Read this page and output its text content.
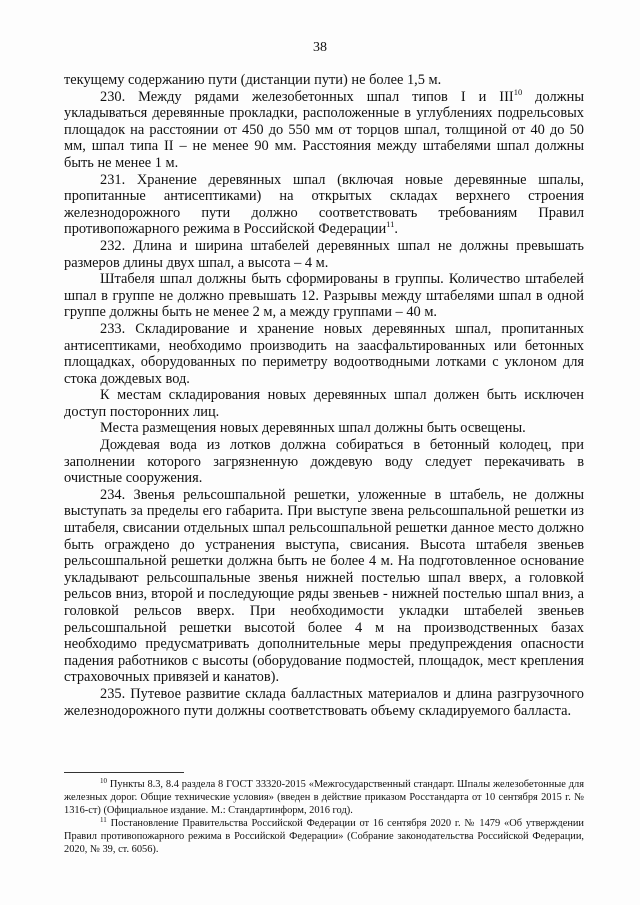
38

текущему содержанию пути (дистанции пути) не более 1,5 м.

230. Между рядами железобетонных шпал типов I и III$^{10}$ должны укладываться деревянные прокладки, расположенные в углублениях подрельсовых площадок на расстоянии от 450 до 550 мм от торцов шпал, толщиной от 40 до 50 мм, шпал типа II – не менее 90 мм. Расстояния между штабелями шпал должны быть не менее 1 м.

231. Хранение деревянных шпал (включая новые деревянные шпалы, пропитанные антисептиками) на открытых складах верхнего строения железнодорожного пути должно соответствовать требованиям Правил противопожарного режима в Российской Федерации$^{11}$.

232. Длина и ширина штабелей деревянных шпал не должны превышать размеров длины двух шпал, а высота – 4 м.

Штабеля шпал должны быть сформированы в группы. Количество штабелей шпал в группе не должно превышать 12. Разрывы между штабелями шпал в одной группе должны быть не менее 2 м, а между группами – 40 м.

233. Складирование и хранение новых деревянных шпал, пропитанных антисептиками, необходимо производить на заасфальтированных или бетонных площадках, оборудованных по периметру водоотводными лотками с уклоном для стока дождевых вод.

К местам складирования новых деревянных шпал должен быть исключен доступ посторонних лиц.

Места размещения новых деревянных шпал должны быть освещены.

Дождевая вода из лотков должна собираться в бетонный колодец, при заполнении которого загрязненную дождевую воду следует перекачивать в очистные сооружения.

234. Звенья рельсошпальной решетки, уложенные в штабель, не должны выступать за пределы его габарита. При выступе звена рельсошпальной решетки из штабеля, свисании отдельных шпал рельсошпальной решетки данное место должно быть ограждено до устранения выступа, свисания. Высота штабеля звеньев рельсошпальной решетки должна быть не более 4 м. На подготовленное основание укладывают рельсошпальные звенья нижней постелью шпал вверх, а головкой рельсов вниз, второй и последующие ряды звеньев - нижней постелью шпал вниз, а головкой рельсов вверх. При необходимости укладки штабелей звеньев рельсошпальной решетки высотой более 4 м на производственных базах необходимо предусматривать дополнительные меры предупреждения опасности падения работников с высоты (оборудование подмостей, площадок, мест крепления страховочных привязей и канатов).

235. Путевое развитие склада балластных материалов и длина разгрузочного железнодорожного пути должны соответствовать объему складируемого балласта.

$^{10}$ Пункты 8.3, 8.4 раздела 8 ГОСТ 33320-2015 «Межгосударственный стандарт. Шпалы железобетонные для железных дорог. Общие технические условия» (введен в действие приказом Росстандарта от 10 сентября 2015 г. № 1316-ст) (Официальное издание. М.: Стандартинформ, 2016 год).

$^{11}$ Постановление Правительства Российской Федерации от 16 сентября 2020 г. № 1479 «Об утверждении Правил противопожарного режима в Российской Федерации» (Собрание законодательства Российской Федерации, 2020, № 39, ст. 6056).
